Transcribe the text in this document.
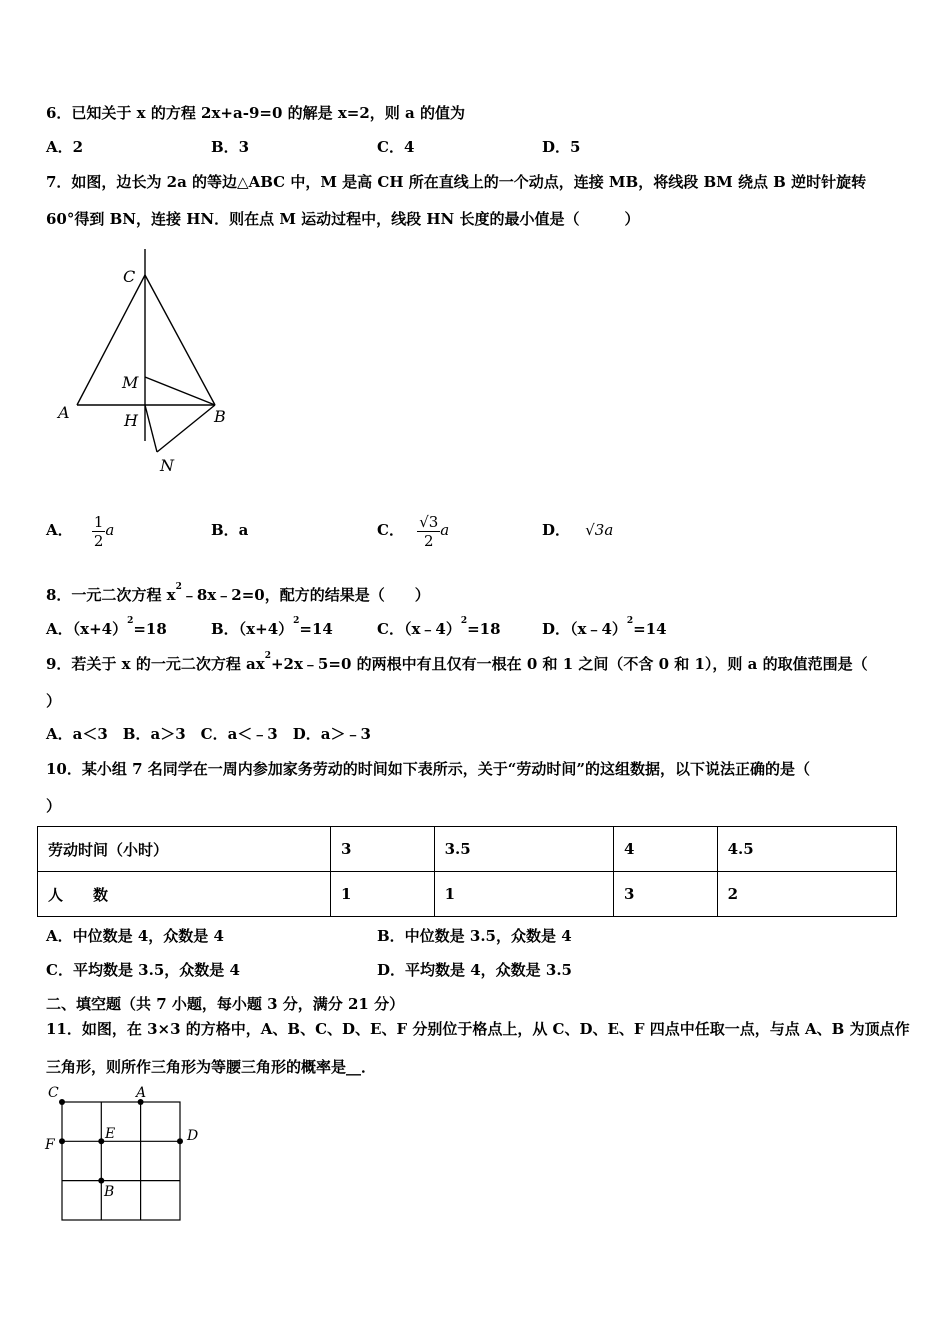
6．已知关于 x 的方程 2x+a-9=0 的解是 x=2，则 a 的值为
A．2	B．3	C．4	D．5
7．如图，边长为 2a 的等边△ABC 中，M 是高 CH 所在直线上的一个动点，连接 MB，将线段 BM 绕点 B 逆时针旋转
60°得到 BN，连接 HN．则在点 M 运动过程中，线段 HN 长度的最小值是（　　　）
C
M
A	H	B
N
A． $\frac{1}{2}$ a	B．a	C． $\frac{√3}{2}$ a	D． √3a
8．一元二次方程 $x^2﹣8x﹣2=0$，配方的结果是（　　）
A．$(x+4)^2=18$	B．$(x+4)^2=14$	C．（x﹣4）$^2$=18	D．（x﹣4）$^2$=14
9．若关于 x 的一元二次方程 $ax^2+2x﹣5=0$ 的两根中有且仅有一根在 0 和 1 之间（不含 0 和 1），则 a 的取值范围是（
）
A．a＜3　B．a＞3　C．a＜﹣3　D．a＞﹣3
10．某小组 7 名同学在一周内参加家务劳动的时间如下表所示，关于“劳动时间”的这组数据，以下说法正确的是（
）
劳动时间（小时）	3	3.5	4	4.5
人　　数	1	1	3	2
A．中位数是 4，众数是 4	B．中位数是 3.5，众数是 4
C．平均数是 3.5，众数是 4	D．平均数是 4，众数是 3.5
二、填空题（共 7 小题，每小题 3 分，满分 21 分）
11．如图，在 3×3 的方格中，A、B、C、D、E、F 分别位于格点上，从 C、D、E、F 四点中任取一点，与点 A、B 为顶点作
三角形，则所作三角形为等腰三角形的概率是__．
C	A
F
E	D
B
